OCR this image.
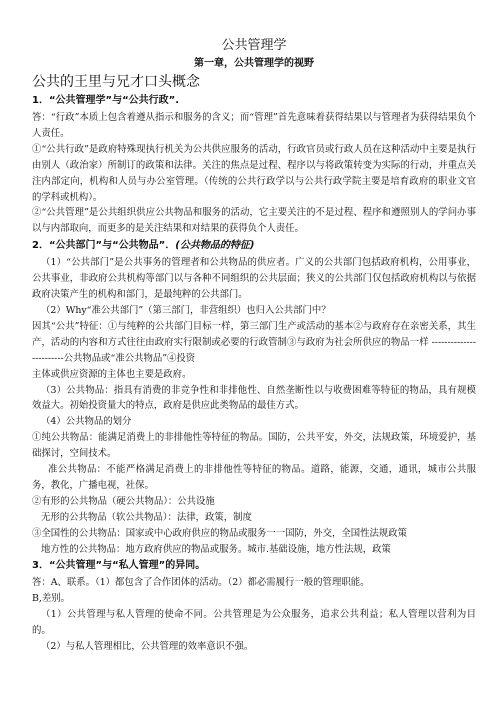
公共管理学
第一章，公共管理学的视野
公共的王里与兄才口头概念
1．“公共管理学”与“公共行政”.

答：“行政”本质上包含着遵从指示和服务的含义；而“管理”首先意味着获得结果以与管理者为获得结果负个人责任。

①“公共行政”是政府特殊现执行机关为公共供应服务的活动，行政官员或行政人员在这种活动中主要是执行由别人（政治家）所制订的政策和法律。关注的焦点是过程、程序以与将政策转变为实际的行动，并重点关注内部定向，机构和人员与办公室管理。（传统的公共行政学以与公共行政学院主要是培育政府的职业文官的学科或机构）。

②“公共管理”是公共组织供应公共物品和服务的活动，它主要关注的不是过程、程序和遵照别人的学问办事以与内部取向，而更多的是关注结果和对结果的获得负个人责任。

2．“公共部门”与“公共物品”．(公共物品的特征)

（1）“公共部门”是公共事务的管理者和公共物品的供应者。广义的公共部门包括政府机构，公用事业，公共事业，非政府公共机构等部门以与各种不同组织的公共层面；狭义的公共部门仅包括政府机构以与依据政府决策产生的机构和部门，是最纯粹的公共部门。

（2）Why“准公共部门”（第三部门，非营组织）也归入公共部门中？

因其“公共”特征：①与纯粹的公共部门目标一样，第三部门生产或活动的基本②与政府存在亲密关系，其生产，活动的内容和方式往往由政府实行限制或必要的行政管制③与政府为社会所供应的物品一样 ------------------------公共物品或“准公共物品”④投资

主体或供应资源的主体也主要是政府。

（3）公共物品：指具有消费的非竞争性和非排他性、自然垄断性以与收费困难等特征的物品，具有规模效益大。初始投资量大的特点，政府是供应此类物品的最佳方式。

（4）公共物品的划分

①纯公共物品：能满足消费上的非排他性等特征的物品。国防，公共平安，外交，法规政策，环境爱护，基础探讨，空间技术。

准公共物品：不能严格满足消费上的非排他性等特征的物品。道路，能源，交通，通讯，城市公共服务，教化，广播电视，社保。

②有形的公共物品（硬公共物品）：公共设施

无形的公共物品（软公共物品）：法律，政策，制度

③全国性的公共物品：国家或中心政府供应的物品或服务一一国防，外交，全国性法规政策

地方性的公共物品：地方政府供应的物品或服务。城市.基础设施，地方性法规，政策

3．“公共管理”与“私人管理”的异同。

答：A、联系。（1）都包含了合作团体的活动。（2）都必需履行一般的管理职能。

B,差别。

（1）公共管理与私人管理的使命不同。公共管理是为公众服务，追求公共利益；私人管理以营利为目的。

（2）与私人管理相比，公共管理的效率意识不强。
